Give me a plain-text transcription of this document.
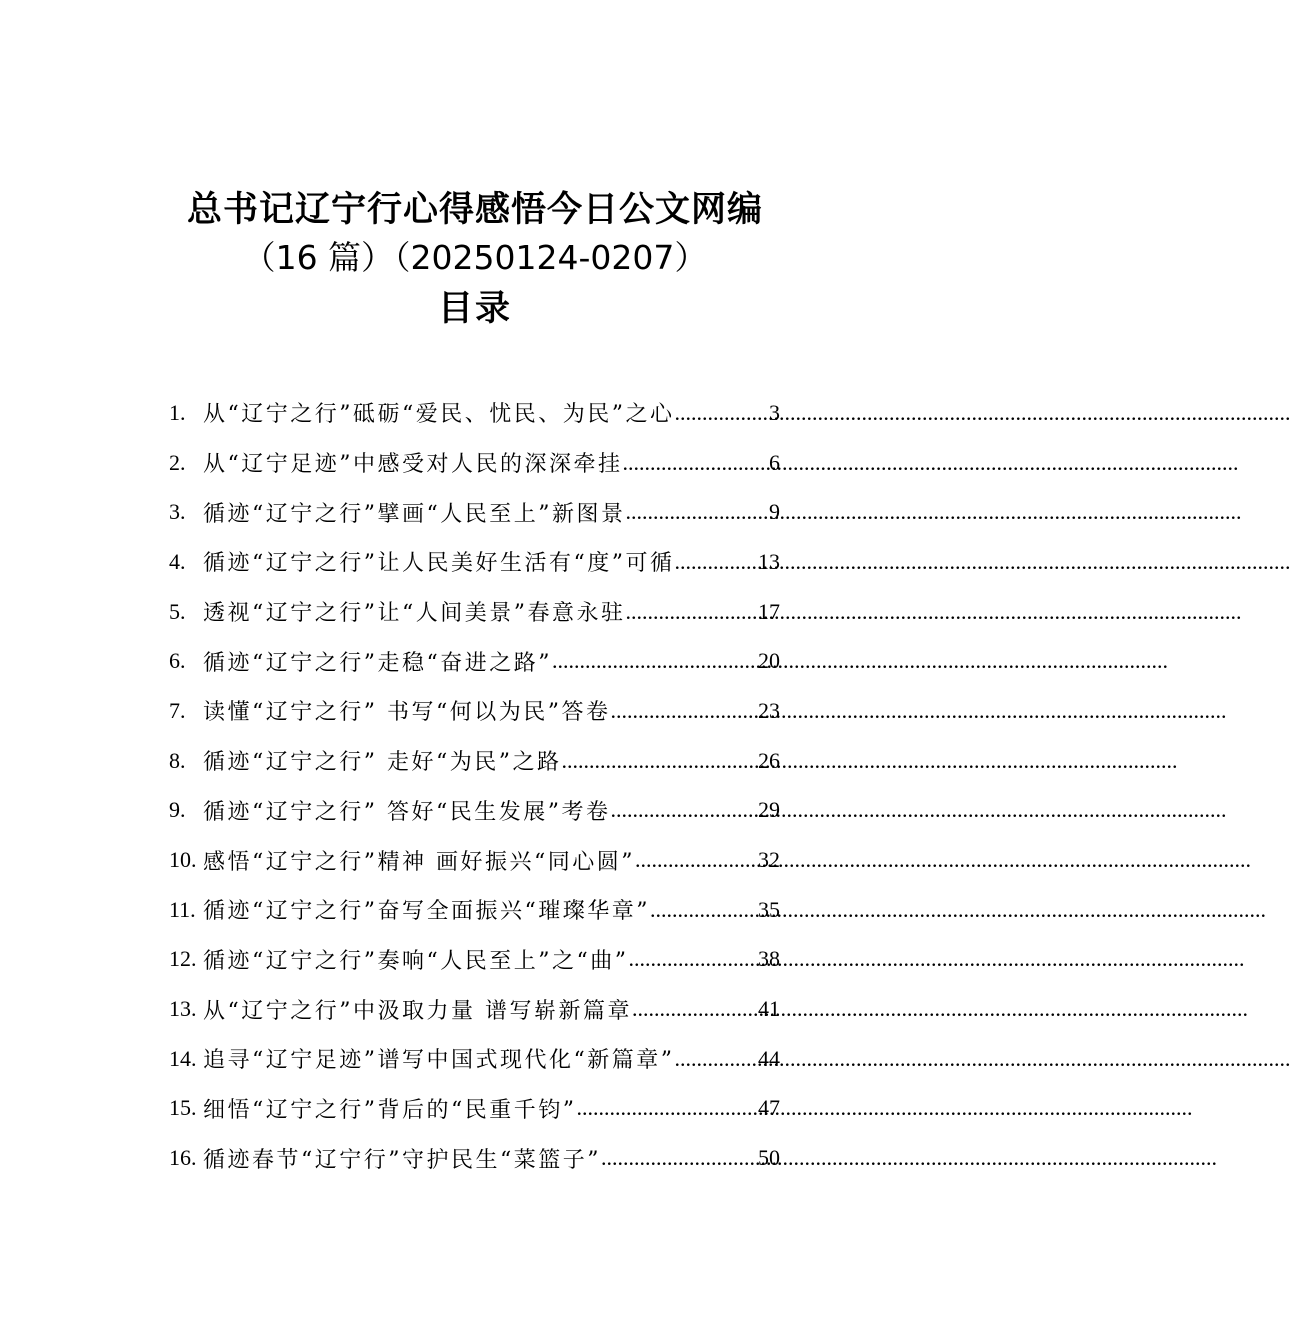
总书记辽宁行心得感悟今日公文网编
（16 篇）（20250124-0207）
目录
1. 从“辽宁之行”砥砺“爱民、忧民、为民”之心 .....	3
2. 从“辽宁足迹”中感受对人民的深深牵挂 .....	6
3. 循迹“辽宁之行”擘画“人民至上”新图景 .....	9
4. 循迹“辽宁之行”让人民美好生活有“度”可循 .....	13
5. 透视“辽宁之行”让“人间美景”春意永驻 .....	17
6. 循迹“辽宁之行”走稳“奋进之路” .....	20
7. 读懂“辽宁之行” 书写“何以为民”答卷 .....	23
8. 循迹“辽宁之行” 走好“为民”之路 .....	26
9. 循迹“辽宁之行” 答好“民生发展”考卷 .....	29
10. 感悟“辽宁之行”精神 画好振兴“同心圆” .....	32
11. 循迹“辽宁之行”奋写全面振兴“璀璨华章” .....	35
12. 循迹“辽宁之行”奏响“人民至上”之“曲” .....	38
13. 从“辽宁之行”中汲取力量 谱写崭新篇章 .....	41
14. 追寻“辽宁足迹”谱写中国式现代化“新篇章” .....	44
15. 细悟“辽宁之行”背后的“民重千钧” .....	47
16. 循迹春节“辽宁行”守护民生“菜篮子” .....	50
